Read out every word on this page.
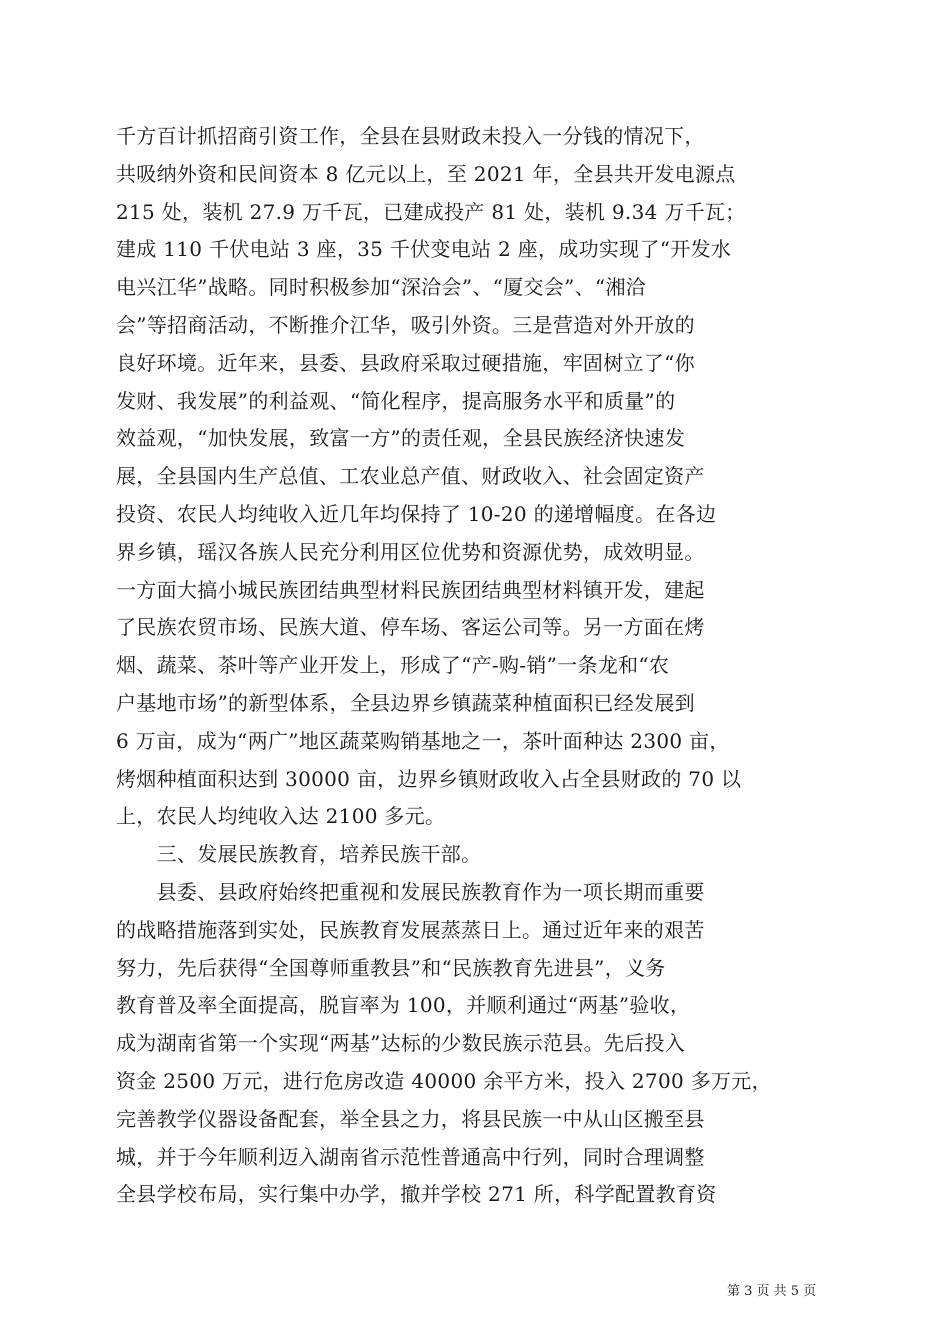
千方百计抓招商引资工作，全县在县财政未投入一分钱的情况下，
共吸纳外资和民间资本 8 亿元以上，至 2021 年，全县共开发电源点
215 处，装机 27.9 万千瓦，已建成投产 81 处，装机 9.34 万千瓦；
建成 110 千伏电站 3 座，35 千伏变电站 2 座，成功实现了“开发水
电兴江华”战略。同时积极参加“深洽会”、“厦交会”、“湘洽
会”等招商活动，不断推介江华，吸引外资。三是营造对外开放的
良好环境。近年来，县委、县政府采取过硬措施，牢固树立了“你
发财、我发展”的利益观、“简化程序，提高服务水平和质量”的
效益观，“加快发展，致富一方”的责任观，全县民族经济快速发
展，全县国内生产总值、工农业总产值、财政收入、社会固定资产
投资、农民人均纯收入近几年均保持了 10-20 的递增幅度。在各边
界乡镇，瑶汉各族人民充分利用区位优势和资源优势，成效明显。
一方面大搞小城民族团结典型材料民族团结典型材料镇开发，建起
了民族农贸市场、民族大道、停车场、客运公司等。另一方面在烤
烟、蔬菜、茶叶等产业开发上，形成了“产-购-销”一条龙和“农
户基地市场”的新型体系，全县边界乡镇蔬菜种植面积已经发展到
6 万亩，成为“两广”地区蔬菜购销基地之一，茶叶面种达 2300 亩，
烤烟种植面积达到 30000 亩，边界乡镇财政收入占全县财政的 70 以
上，农民人均纯收入达 2100 多元。
　　三、发展民族教育，培养民族干部。
　　县委、县政府始终把重视和发展民族教育作为一项长期而重要
的战略措施落到实处，民族教育发展蒸蒸日上。通过近年来的艰苦
努力，先后获得“全国尊师重教县”和“民族教育先进县”，义务
教育普及率全面提高，脱盲率为 100，并顺利通过“两基”验收，
成为湖南省第一个实现“两基”达标的少数民族示范县。先后投入
资金 2500 万元，进行危房改造 40000 余平方米，投入 2700 多万元，
完善教学仪器设备配套，举全县之力，将县民族一中从山区搬至县
城，并于今年顺利迈入湖南省示范性普通高中行列，同时合理调整
全县学校布局，实行集中办学，撤并学校 271 所，科学配置教育资
第 3 页 共 5 页
